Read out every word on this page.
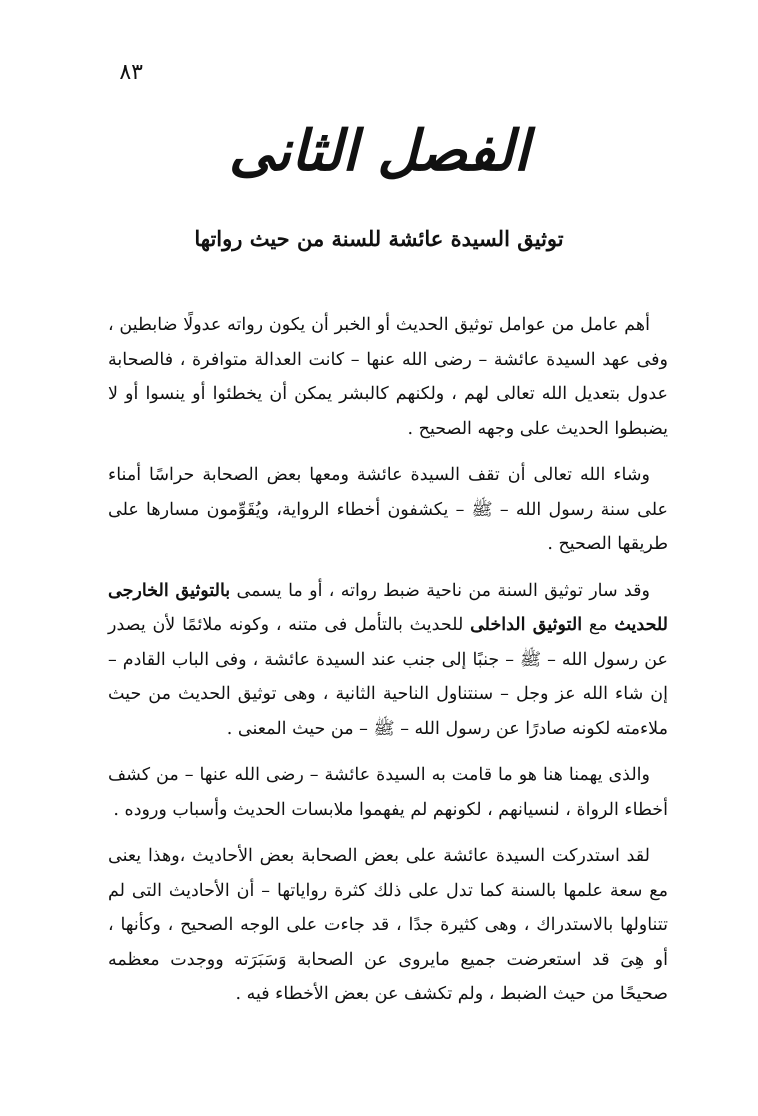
٨٣
الفصل الثانى
توثيق السيدة عائشة للسنة من حيث رواتها

أهم عامل من عوامل توثيق الحديث أو الخبر أن يكون رواته عدولًا ضابطين ، وفى عهد السيدة عائشة – رضى الله عنها – كانت العدالة متوافرة ، فالصحابة عدول بتعديل الله تعالى لهم ، ولكنهم كالبشر يمكن أن يخطئوا أو ينسوا أو لا يضبطوا الحديث على وجهه الصحيح .

وشاء الله تعالى أن تقف السيدة عائشة ومعها بعض الصحابة حراسًا أمناء على سنة رسول الله – ﷺ – يكشفون أخطاء الرواية، ويُقَوِّمون مسارها على طريقها الصحيح .

وقد سار توثيق السنة من ناحية ضبط رواته ، أو ما يسمى بالتوثيق الخارجى للحديث مع التوثيق الداخلى للحديث بالتأمل فى متنه ، وكونه ملائمًا لأن يصدر عن رسول الله – ﷺ – جنبًا إلى جنب عند السيدة عائشة ، وفى الباب القادم – إن شاء الله عز وجل – سنتناول الناحية الثانية ، وهى توثيق الحديث من حيث ملاءمته لكونه صادرًا عن رسول الله – ﷺ – من حيث المعنى .

والذى يهمنا هنا هو ما قامت به السيدة عائشة – رضى الله عنها – من كشف أخطاء الرواة ، لنسيانهم ، لكونهم لم يفهموا ملابسات الحديث وأسباب وروده .

لقد استدركت السيدة عائشة على بعض الصحابة بعض الأحاديث ،وهذا يعنى مع سعة علمها بالسنة كما تدل على ذلك كثرة رواياتها – أن الأحاديث التى لم تتناولها بالاستدراك ، وهى كثيرة جدًا ، قد جاءت على الوجه الصحيح ، وكأنها ، أو هِىَ قد استعرضت جميع مايروى عن الصحابة وَسَبَرَته ووجدت معظمه صحيحًا من حيث الضبط ، ولم تكشف عن بعض الأخطاء فيه .
